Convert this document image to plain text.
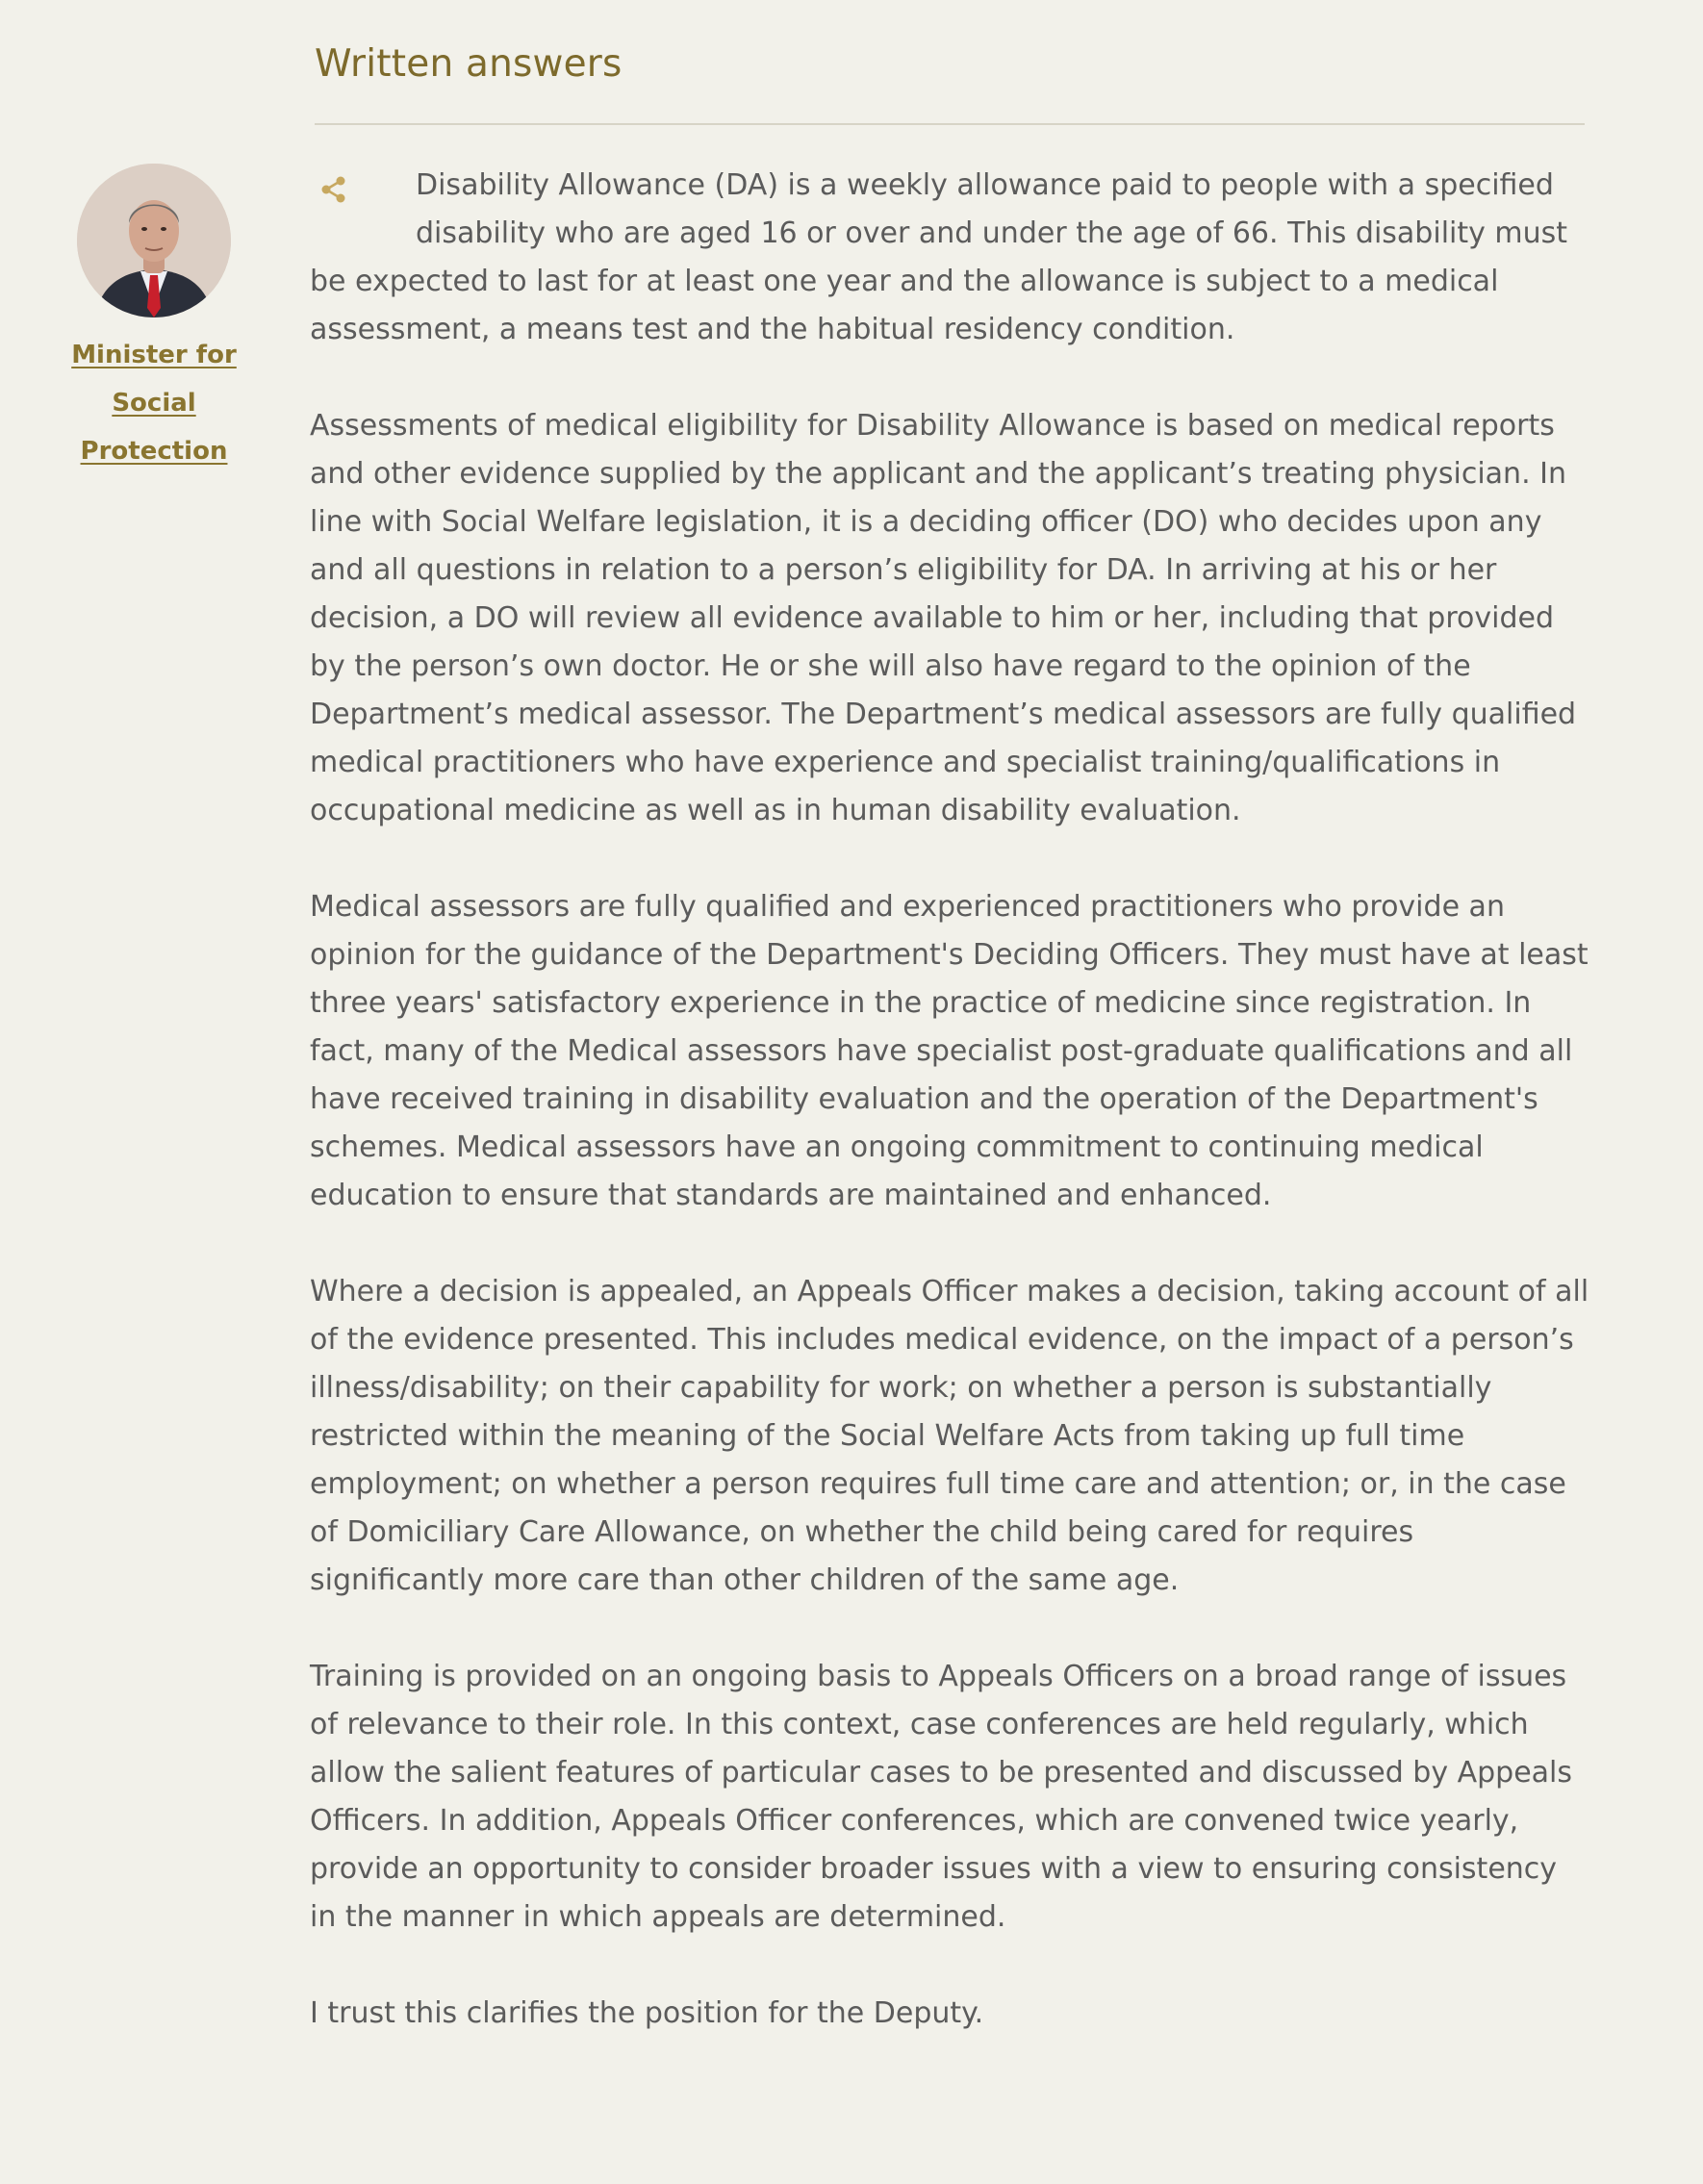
Written answers
Minister for Social Protection

Disability Allowance (DA) is a weekly allowance paid to people with a specified disability who are aged 16 or over and under the age of 66. This disability must be expected to last for at least one year and the allowance is subject to a medical assessment, a means test and the habitual residency condition.

Assessments of medical eligibility for Disability Allowance is based on medical reports and other evidence supplied by the applicant and the applicant’s treating physician. In line with Social Welfare legislation, it is a deciding officer (DO) who decides upon any and all questions in relation to a person’s eligibility for DA. In arriving at his or her decision, a DO will review all evidence available to him or her, including that provided by the person’s own doctor. He or she will also have regard to the opinion of the Department’s medical assessor. The Department’s medical assessors are fully qualified medical practitioners who have experience and specialist training/qualifications in occupational medicine as well as in human disability evaluation.

Medical assessors are fully qualified and experienced practitioners who provide an opinion for the guidance of the Department's Deciding Officers. They must have at least three years' satisfactory experience in the practice of medicine since registration. In fact, many of the Medical assessors have specialist post-graduate qualifications and all have received training in disability evaluation and the operation of the Department's schemes. Medical assessors have an ongoing commitment to continuing medical education to ensure that standards are maintained and enhanced.

Where a decision is appealed, an Appeals Officer makes a decision, taking account of all of the evidence presented. This includes medical evidence, on the impact of a person’s illness/disability; on their capability for work; on whether a person is substantially restricted within the meaning of the Social Welfare Acts from taking up full time employment; on whether a person requires full time care and attention; or, in the case of Domiciliary Care Allowance, on whether the child being cared for requires significantly more care than other children of the same age.

Training is provided on an ongoing basis to Appeals Officers on a broad range of issues of relevance to their role. In this context, case conferences are held regularly, which allow the salient features of particular cases to be presented and discussed by Appeals Officers. In addition, Appeals Officer conferences, which are convened twice yearly, provide an opportunity to consider broader issues with a view to ensuring consistency in the manner in which appeals are determined.

I trust this clarifies the position for the Deputy.
